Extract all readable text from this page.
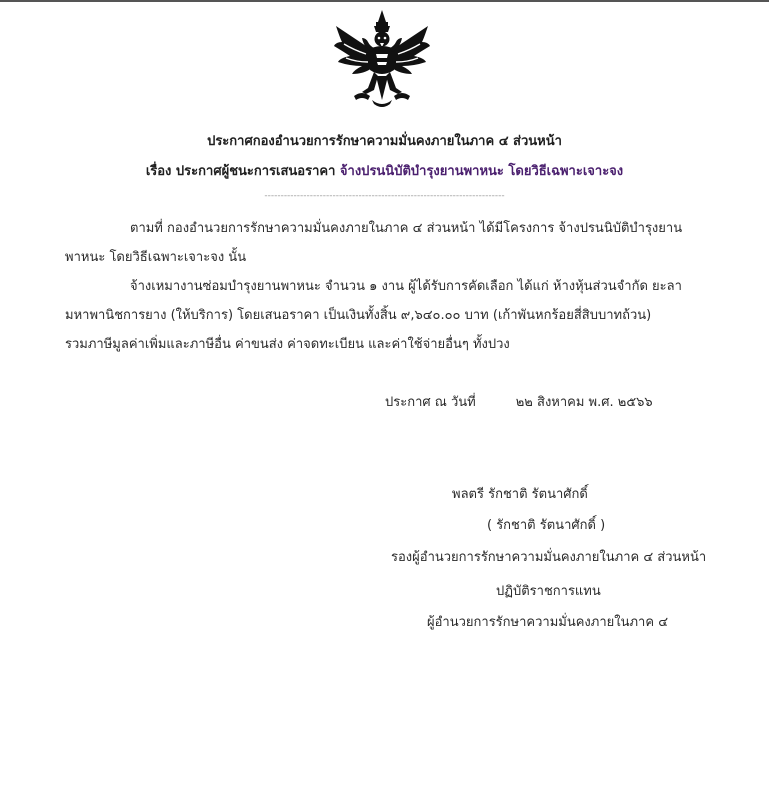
ประกาศกองอำนวยการรักษาความมั่นคงภายในภาค ๔ ส่วนหน้า
เรื่อง ประกาศผู้ชนะการเสนอราคา จ้างปรนนิบัติบำรุงยานพาหนะ โดยวิธีเฉพาะเจาะจง
--------------------------------------------------------------------------
ตามที่ กองอำนวยการรักษาความมั่นคงภายในภาค ๔ ส่วนหน้า ได้มีโครงการ จ้างปรนนิบัติบำรุงยาน
พาหนะ โดยวิธีเฉพาะเจาะจง นั้น
จ้างเหมางานซ่อมบำรุงยานพาหนะ จำนวน ๑ งาน ผู้ได้รับการคัดเลือก ได้แก่ ห้างหุ้นส่วนจำกัด ยะลา
มหาพานิชการยาง (ให้บริการ) โดยเสนอราคา เป็นเงินทั้งสิ้น ๙,๖๔๐.๐๐ บาท (เก้าพันหกร้อยสี่สิบบาทถ้วน)
รวมภาษีมูลค่าเพิ่มและภาษีอื่น ค่าขนส่ง ค่าจดทะเบียน และค่าใช้จ่ายอื่นๆ ทั้งปวง
ประกาศ ณ วันที่	๒๒ สิงหาคม พ.ศ. ๒๕๖๖
พลตรี รักชาติ รัตนาศักดิ์
( รักชาติ รัตนาศักดิ์ )
รองผู้อำนวยการรักษาความมั่นคงภายในภาค ๔ ส่วนหน้า
ปฏิบัติราชการแทน
ผู้อำนวยการรักษาความมั่นคงภายในภาค ๔
